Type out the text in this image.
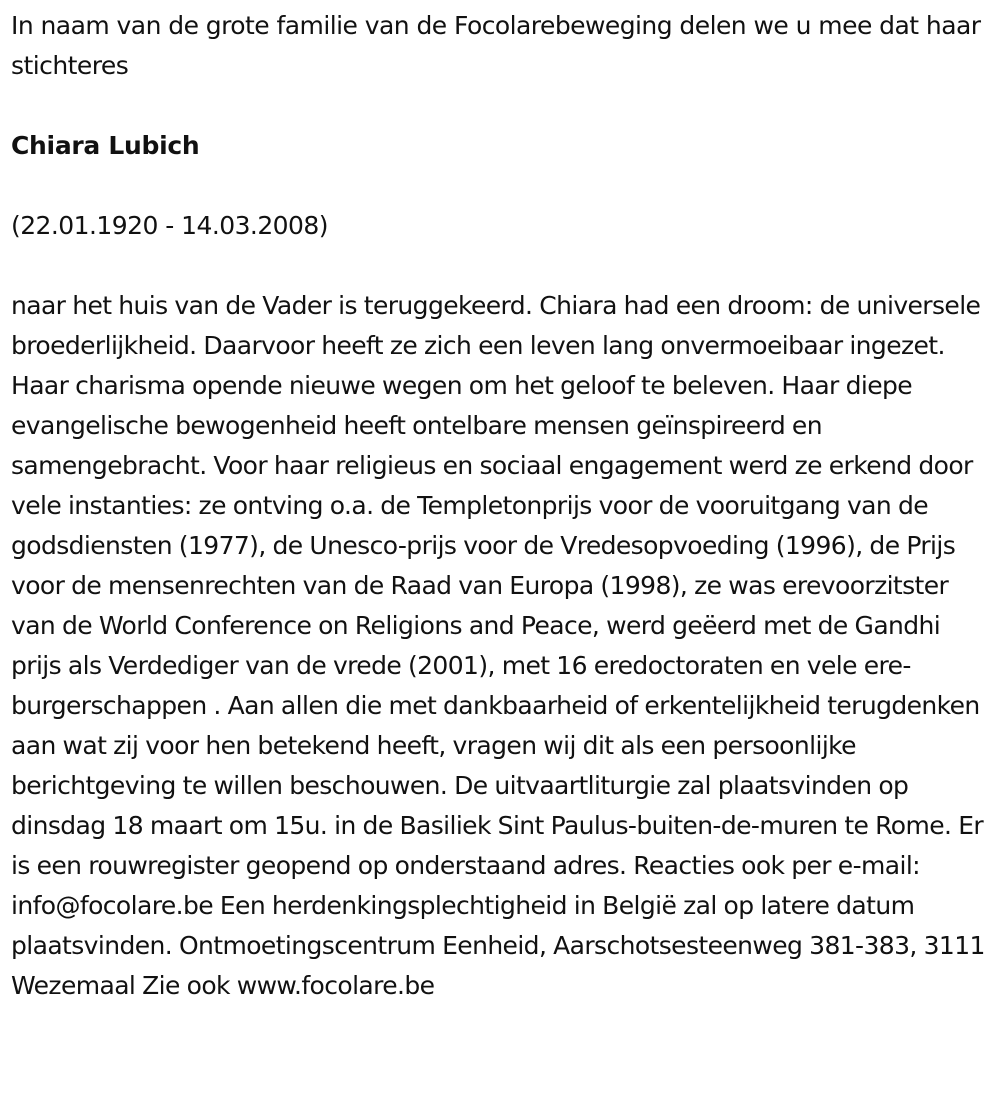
In naam van de grote familie van de Focolarebeweging delen we u mee dat haar stichteres

Chiara Lubich

(22.01.1920 - 14.03.2008)

naar het huis van de Vader is teruggekeerd. Chiara had een droom: de universele broederlijkheid. Daarvoor heeft ze zich een leven lang onvermoeibaar ingezet. Haar charisma opende nieuwe wegen om het geloof te beleven. Haar diepe evangelische bewogenheid heeft ontelbare mensen geïnspireerd en samengebracht. Voor haar religieus en sociaal engagement werd ze erkend door vele instanties: ze ontving o.a. de Templetonprijs voor de vooruitgang van de godsdiensten (1977), de Unesco-prijs voor de Vredesopvoeding (1996), de Prijs voor de mensenrechten van de Raad van Europa (1998), ze was erevoorzitster van de World Conference on Religions and Peace, werd geëerd met de Gandhi prijs als Verdediger van de vrede (2001), met 16 eredoctoraten en vele ere-burgerschappen . Aan allen die met dankbaarheid of erkentelijkheid terugdenken aan wat zij voor hen betekend heeft, vragen wij dit als een persoonlijke berichtgeving te willen beschouwen. De uitvaartliturgie zal plaatsvinden op dinsdag 18 maart om 15u. in de Basiliek Sint Paulus-buiten-de-muren te Rome. Er is een rouwregister geopend op onderstaand adres. Reacties ook per e-mail: info@focolare.be Een herdenkingsplechtigheid in België zal op latere datum plaatsvinden. Ontmoetingscentrum Eenheid, Aarschotsesteenweg 381-383, 3111 Wezemaal Zie ook www.focolare.be
